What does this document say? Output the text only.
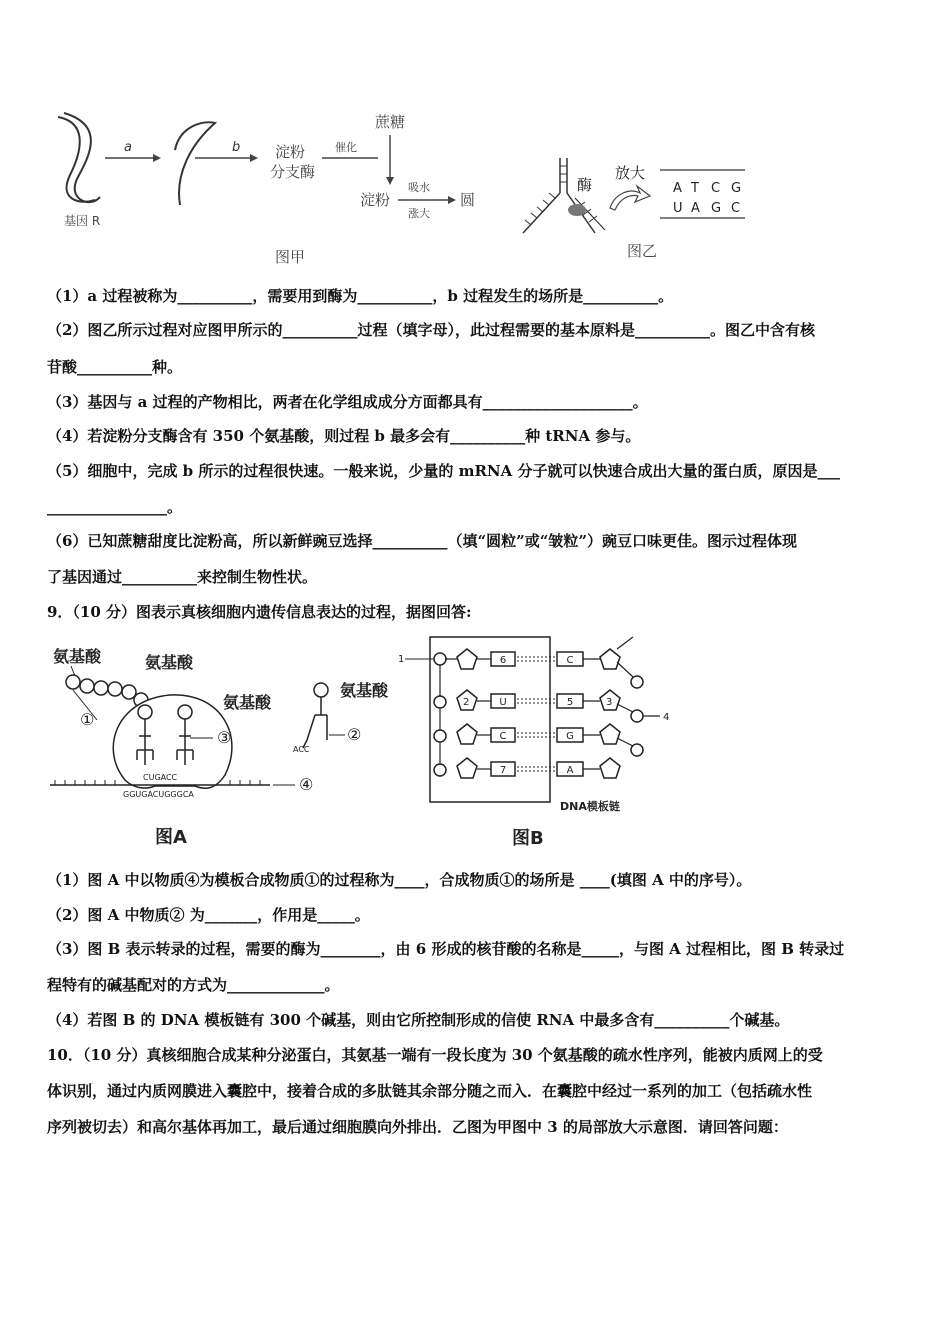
基因 R
a	b 淀粉
分支酶
催化
蔗糖
淀粉
吸水
涨大
圆
图甲
酶
放大
A T C G
U A G C
图乙
（1）a 过程被称为__________，需要用到酶为__________，b 过程发生的场所是__________。
（2）图乙所示过程对应图甲所示的__________过程（填字母），此过程需要的基本原料是__________。图乙中含有核
苷酸__________种。
（3）基因与 a 过程的产物相比，两者在化学组成成分方面都具有____________________。
（4）若淀粉分支酶含有 350 个氨基酸，则过程 b 最多会有__________种 tRNA 参与。
（5）细胞中，完成 b 所示的过程很快速。一般来说，少量的 mRNA 分子就可以快速合成出大量的蛋白质，原因是___
________________。
（6）已知蔗糖甜度比淀粉高，所以新鲜豌豆选择__________（填“圆粒”或“皱粒”）豌豆口味更佳。图示过程体现
了基因通过__________来控制生物性状。
9．（10 分）图表示真核细胞内遗传信息表达的过程，据图回答:
氨基酸	氨基酸
氨基酸
氨基酸
CUGACC
GGUGACUGGGCA
①
③
④
ACC
②
图A
1	6
U
C
7
2
C
5
G
A
3
4
DNA模板链
图B
（1）图 A 中以物质④为模板合成物质①的过程称为____，合成物质①的场所是 ____(填图 A 中的序号）。
（2）图 A 中物质② 为_______，作用是_____。
（3）图 B 表示转录的过程，需要的酶为________，由 6 形成的核苷酸的名称是_____，与图 A 过程相比，图 B 转录过
程特有的碱基配对的方式为_____________。
（4）若图 B 的 DNA 模板链有 300 个碱基，则由它所控制形成的信使 RNA 中最多含有__________个碱基。
10．（10 分）真核细胞合成某种分泌蛋白，其氨基一端有一段长度为 30 个氨基酸的疏水性序列，能被内质网上的受
体识别，通过内质网膜进入囊腔中，接着合成的多肽链其余部分随之而入．在囊腔中经过一系列的加工（包括疏水性
序列被切去）和高尔基体再加工，最后通过细胞膜向外排出．乙图为甲图中 3 的局部放大示意图．请回答问题：
